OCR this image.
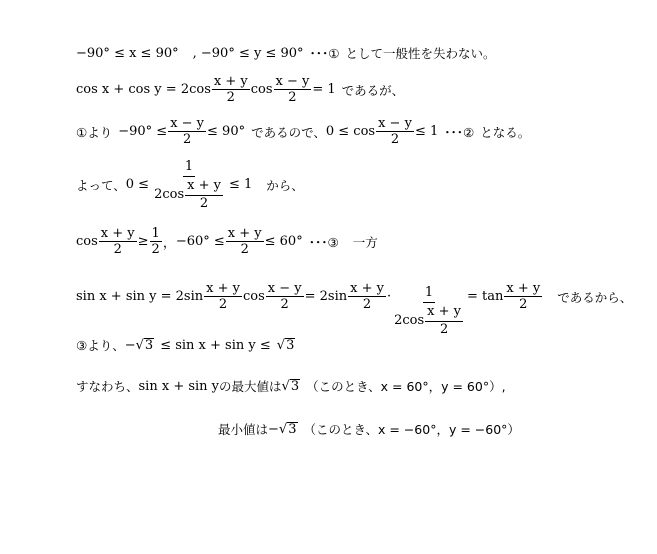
−90° ≤ x ≤ 90° , −90° ≤ y ≤ 90° ･･･① として一般性を失わない。
$\cos x + \cos y = 2\cos \frac{x + y}{2}$ $\cos \frac{x - y}{2} = 1$ であるが、
①より $-90^\circ \le \frac{x - y}{2} \le 90^\circ$ であるので、 $0 \le \cos \frac{x - y}{2} \le 1$ ･･･② となる。
よって、 $0 \le \frac{1}{2\cos \frac{x + y}{2}} \le 1$ から、
$\cos \frac{x + y}{2} \ge \frac{1}{2}$ ， $-60^\circ \le \frac{x + y}{2} \le 60^\circ$ ･･･③ 一方
$\sin x + \sin y = 2\sin \frac{x + y}{2}$ $\cos \frac{x - y}{2} = 2\sin \frac{x + y}{2} \cdot \frac{1}{2\cos \frac{x + y}{2}} = \tan \frac{x + y}{2}$ であるから、
③より、 − √ 3 ≤ sin x + sin y ≤ √ 3
すなわち、 sin x + sin y の最大値は √ 3 （このとき、x = 60°，y = 60°）,
最小値は − √ 3 （このとき、x = −60°，y = −60°）
